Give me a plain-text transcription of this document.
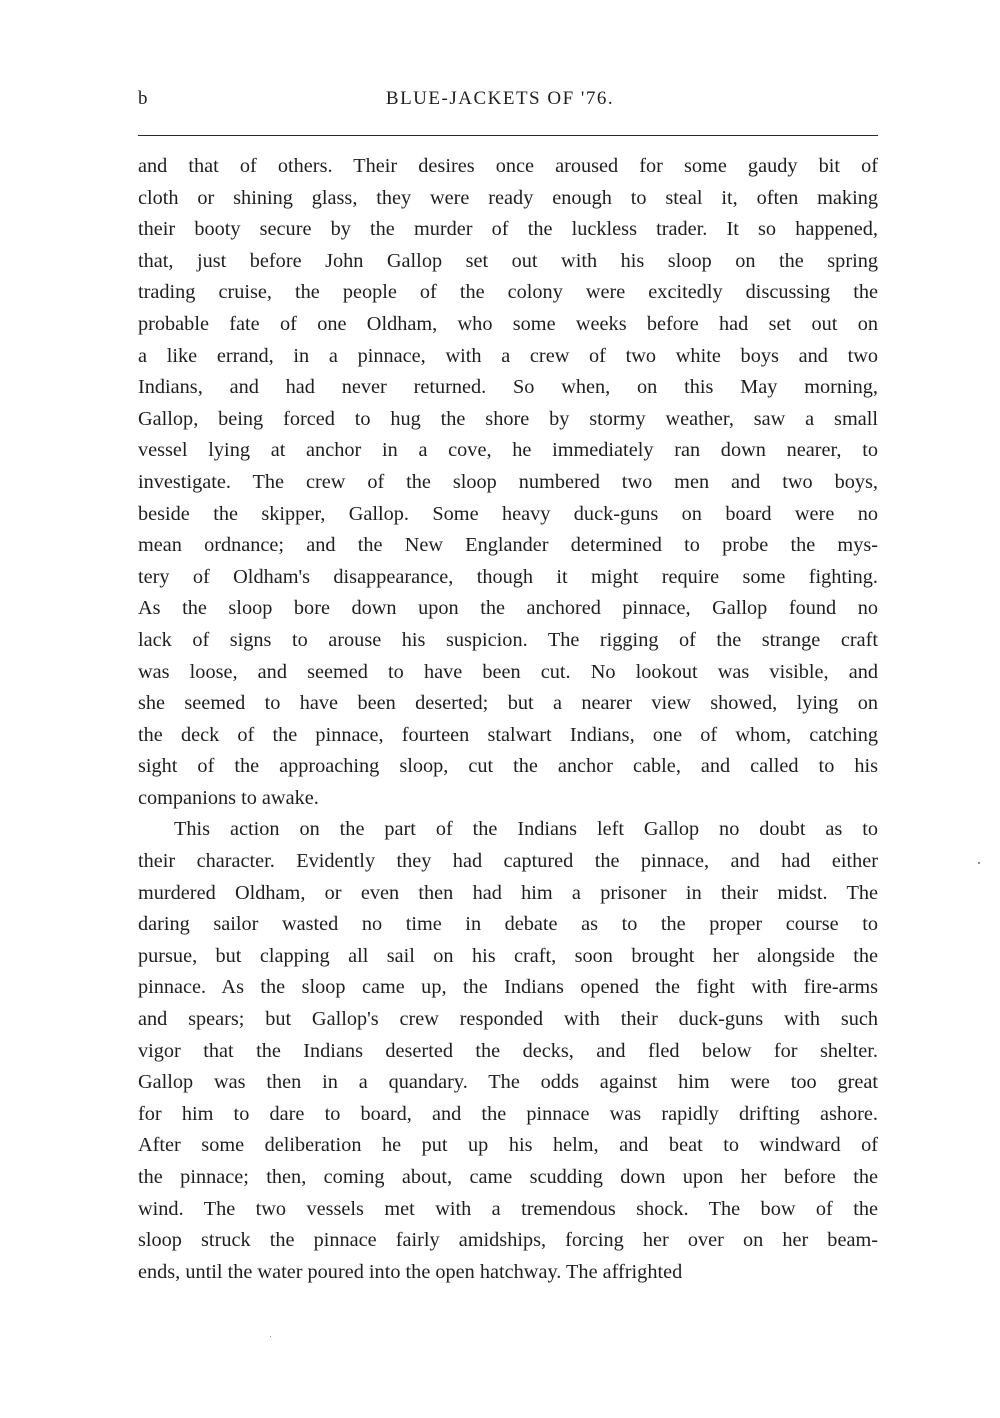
b	BLUE-JACKETS OF '76.
and that of others. Their desires once aroused for some gaudy bit of
cloth or shining glass, they were ready enough to steal it, often making
their booty secure by the murder of the luckless trader. It so happened,
that, just before John Gallop set out with his sloop on the spring
trading cruise, the people of the colony were excitedly discussing the
probable fate of one Oldham, who some weeks before had set out on
a like errand, in a pinnace, with a crew of two white boys and two
Indians, and had never returned. So when, on this May morning,
Gallop, being forced to hug the shore by stormy weather, saw a small
vessel lying at anchor in a cove, he immediately ran down nearer, to
investigate. The crew of the sloop numbered two men and two boys,
beside the skipper, Gallop. Some heavy duck-guns on board were no
mean ordnance; and the New Englander determined to probe the mys-
tery of Oldham's disappearance, though it might require some fighting.
As the sloop bore down upon the anchored pinnace, Gallop found no
lack of signs to arouse his suspicion. The rigging of the strange craft
was loose, and seemed to have been cut. No lookout was visible, and
she seemed to have been deserted; but a nearer view showed, lying on
the deck of the pinnace, fourteen stalwart Indians, one of whom, catching
sight of the approaching sloop, cut the anchor cable, and called to his
companions to awake.
This action on the part of the Indians left Gallop no doubt as to
their character. Evidently they had captured the pinnace, and had either
murdered Oldham, or even then had him a prisoner in their midst. The
daring sailor wasted no time in debate as to the proper course to
pursue, but clapping all sail on his craft, soon brought her alongside the
pinnace. As the sloop came up, the Indians opened the fight with fire-arms
and spears; but Gallop's crew responded with their duck-guns with such
vigor that the Indians deserted the decks, and fled below for shelter.
Gallop was then in a quandary. The odds against him were too great
for him to dare to board, and the pinnace was rapidly drifting ashore.
After some deliberation he put up his helm, and beat to windward of
the pinnace; then, coming about, came scudding down upon her before the
wind. The two vessels met with a tremendous shock. The bow of the
sloop struck the pinnace fairly amidships, forcing her over on her beam-
ends, until the water poured into the open hatchway. The affrighted
